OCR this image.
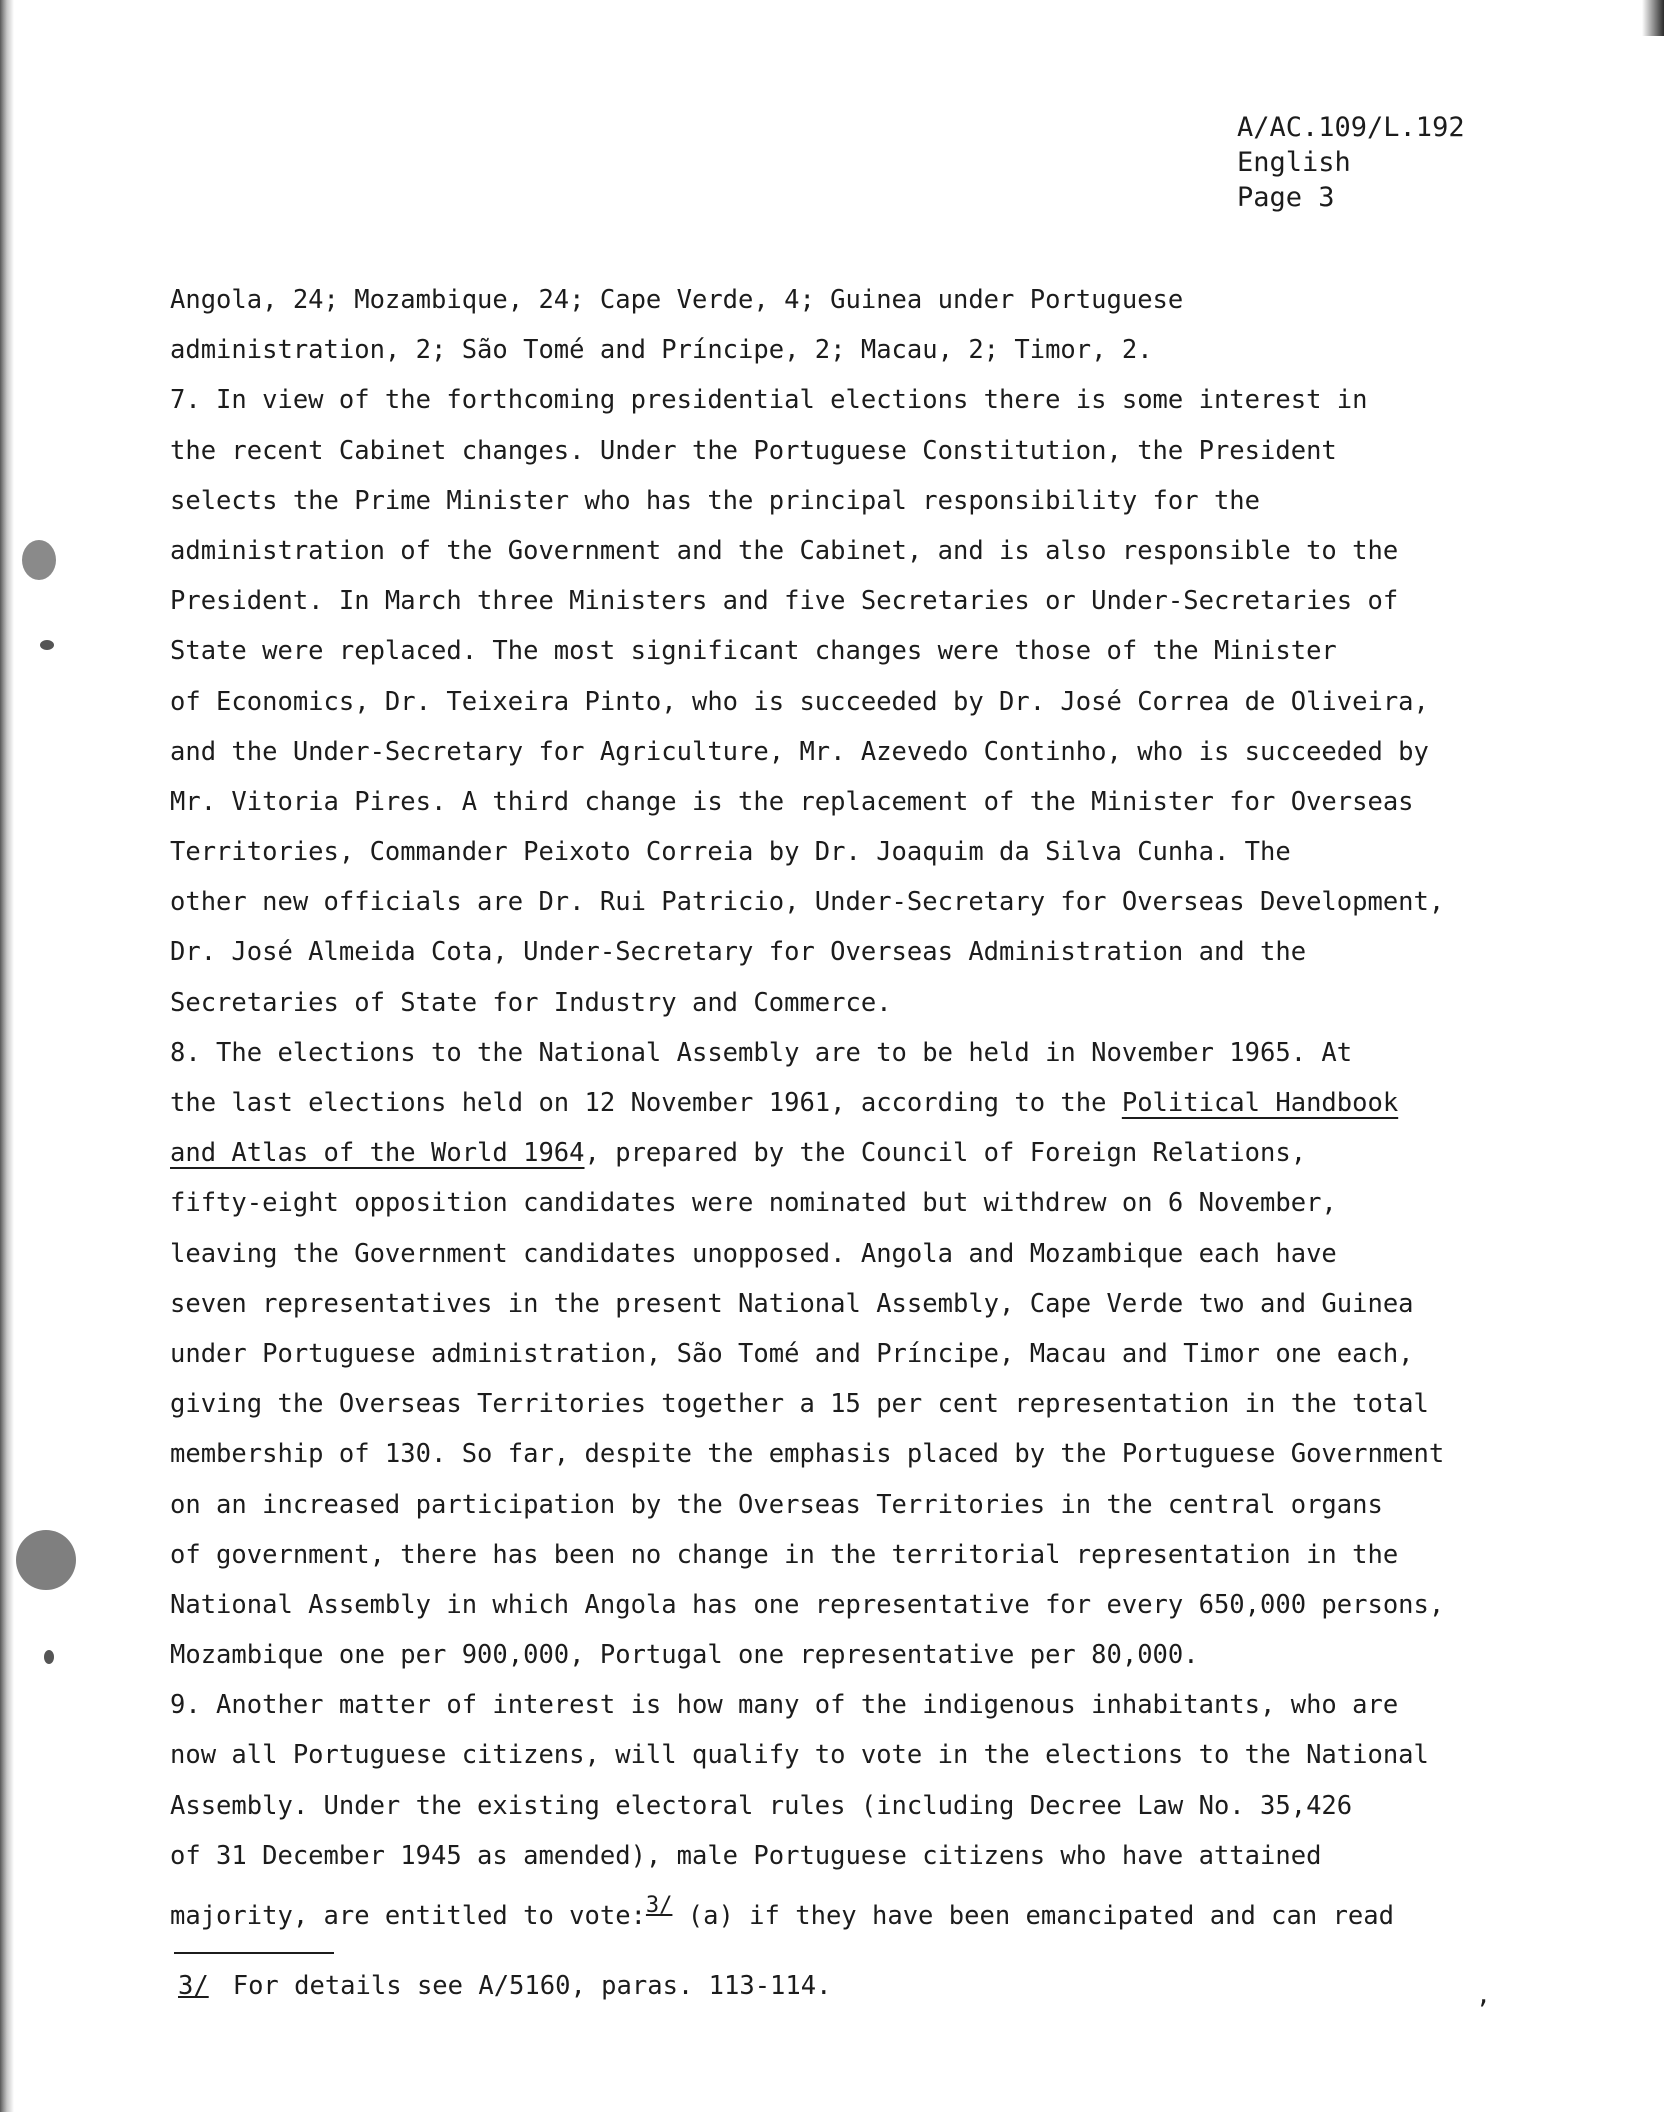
A/AC.109/L.192
English
Page 3
Angola, 24; Mozambique, 24; Cape Verde, 4; Guinea under Portuguese
administration, 2; São Tomé and Príncipe, 2; Macau, 2; Timor, 2.
7. In view of the forthcoming presidential elections there is some interest in
the recent Cabinet changes. Under the Portuguese Constitution, the President
selects the Prime Minister who has the principal responsibility for the
administration of the Government and the Cabinet, and is also responsible to the
President. In March three Ministers and five Secretaries or Under-Secretaries of
State were replaced. The most significant changes were those of the Minister
of Economics, Dr. Teixeira Pinto, who is succeeded by Dr. José Correa de Oliveira,
and the Under-Secretary for Agriculture, Mr. Azevedo Continho, who is succeeded by
Mr. Vitoria Pires. A third change is the replacement of the Minister for Overseas
Territories, Commander Peixoto Correia by Dr. Joaquim da Silva Cunha. The
other new officials are Dr. Rui Patricio, Under-Secretary for Overseas Development,
Dr. José Almeida Cota, Under-Secretary for Overseas Administration and the
Secretaries of State for Industry and Commerce.
8. The elections to the National Assembly are to be held in November 1965. At
the last elections held on 12 November 1961, according to the Political Handbook
and Atlas of the World 1964, prepared by the Council of Foreign Relations,
fifty-eight opposition candidates were nominated but withdrew on 6 November,
leaving the Government candidates unopposed. Angola and Mozambique each have
seven representatives in the present National Assembly, Cape Verde two and Guinea
under Portuguese administration, São Tomé and Príncipe, Macau and Timor one each,
giving the Overseas Territories together a 15 per cent representation in the total
membership of 130. So far, despite the emphasis placed by the Portuguese Government
on an increased participation by the Overseas Territories in the central organs
of government, there has been no change in the territorial representation in the
National Assembly in which Angola has one representative for every 650,000 persons,
Mozambique one per 900,000, Portugal one representative per 80,000.
9. Another matter of interest is how many of the indigenous inhabitants, who are
now all Portuguese citizens, will qualify to vote in the elections to the National
Assembly. Under the existing electoral rules (including Decree Law No. 35,426
of 31 December 1945 as amended), male Portuguese citizens who have attained
majority, are entitled to vote:$^{3/}$ (a) if they have been emancipated and can read
3/ For details see A/5160, paras. 113-114.	,
